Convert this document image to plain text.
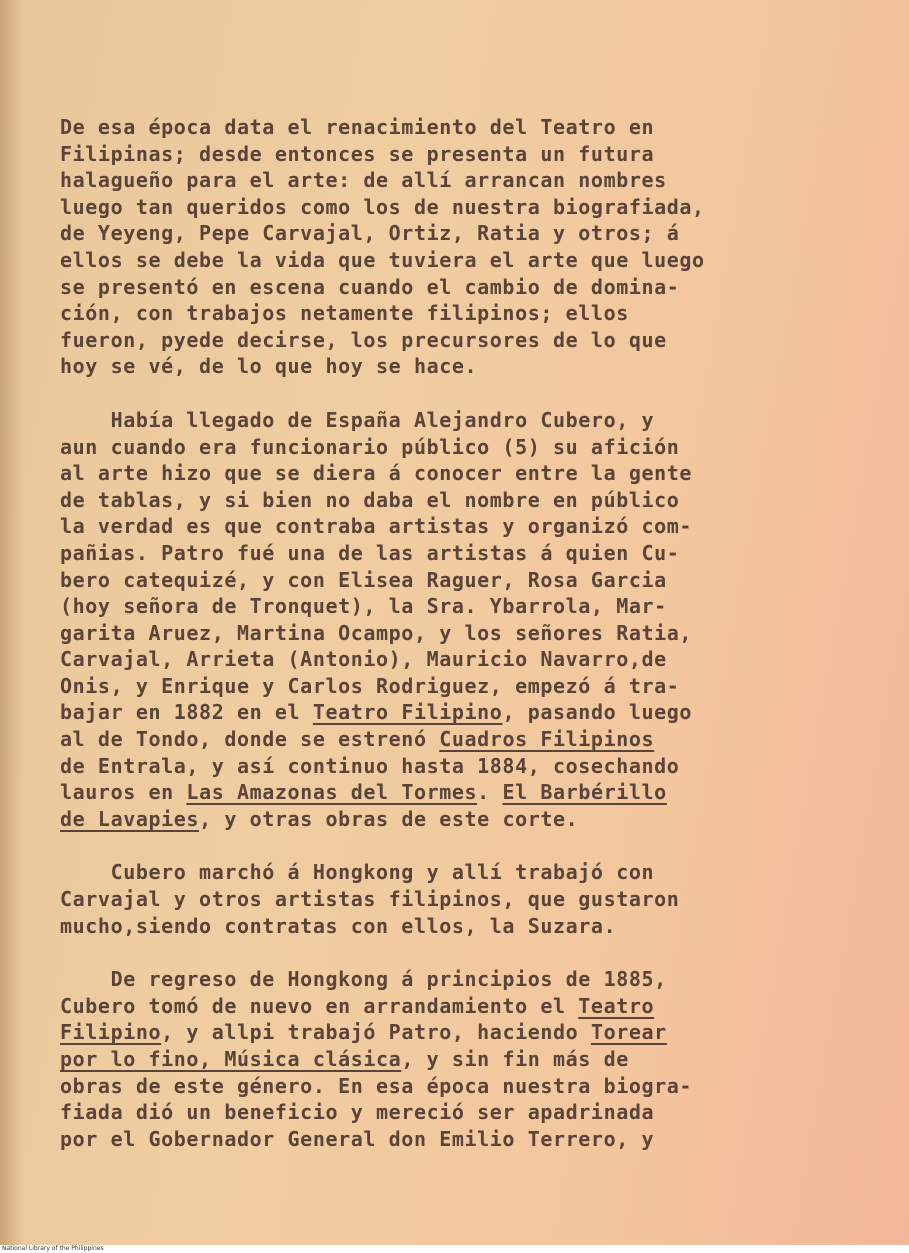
De esa época data el renacimiento del Teatro en
Filipinas; desde entonces se presenta un futura
halagueño para el arte: de allí arrancan nombres
luego tan queridos como los de nuestra biografiada,
de Yeyeng, Pepe Carvajal, Ortiz, Ratia y otros; á
ellos se debe la vida que tuviera el arte que luego
se presentó en escena cuando el cambio de domina-
ción, con trabajos netamente filipinos; ellos
fueron, pyede decirse, los precursores de lo que
hoy se vé, de lo que hoy se hace.
Había llegado de España Alejandro Cubero, y
aun cuando era funcionario público (5) su afición
al arte hizo que se diera á conocer entre la gente
de tablas, y si bien no daba el nombre en público
la verdad es que contraba artistas y organizó com-
pañias. Patro fué una de las artistas á quien Cu-
bero catequizé, y con Elisea Raguer, Rosa Garcia
(hoy señora de Tronquet), la Sra. Ybarrola, Mar-
garita Aruez, Martina Ocampo, y los señores Ratia,
Carvajal, Arrieta (Antonio), Mauricio Navarro,de
Onis, y Enrique y Carlos Rodriguez, empezó á tra-
bajar en 1882 en el Teatro Filipino, pasando luego
al de Tondo, donde se estrenó Cuadros Filipinos
de Entrala, y así continuo hasta 1884, cosechando
lauros en Las Amazonas del Tormes. El Barbérillo
de Lavapies, y otras obras de este corte.
Cubero marchó á Hongkong y allí trabajó con
Carvajal y otros artistas filipinos, que gustaron
mucho,siendo contratas con ellos, la Suzara.
De regreso de Hongkong á principios de 1885,
Cubero tomó de nuevo en arrandamiento el Teatro
Filipino, y allpi trabajó Patro, haciendo Torear
por lo fino, Música clásica, y sin fin más de
obras de este género. En esa época nuestra biogra-
fiada dió un beneficio y mereció ser apadrinada
por el Gobernador General don Emilio Terrero, y
National Library of the Philippines
